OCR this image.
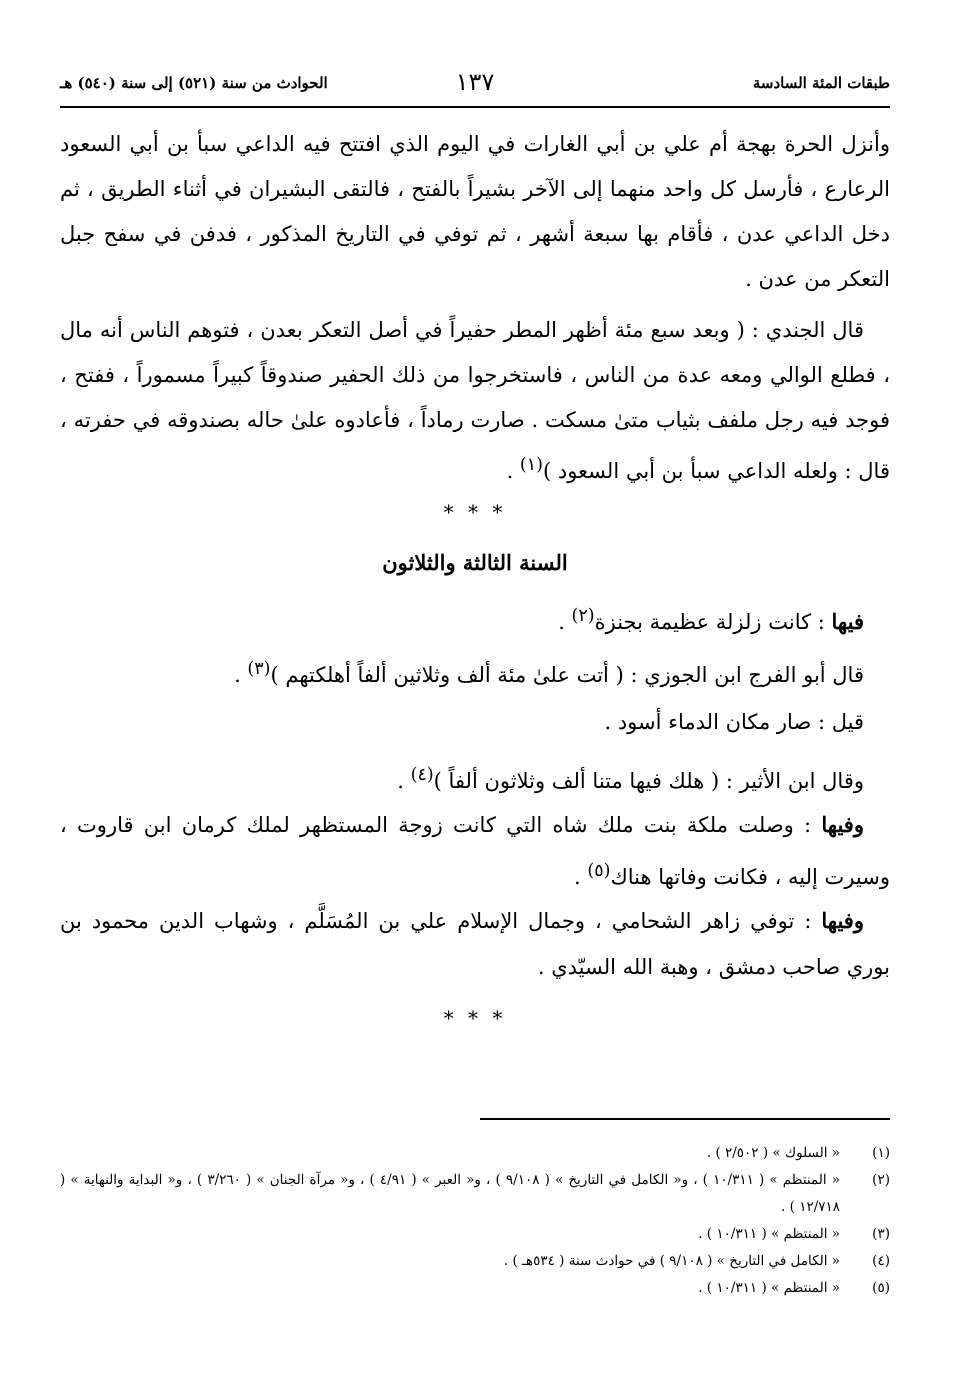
طبقات المئة السادسة
١٣٧
الحوادث من سنة (٥٢١) إلى سنة (٥٤٠) هـ

وأنزل الحرة بهجة أم علي بن أبي الغارات في اليوم الذي افتتح فيه الداعي سبأ بن أبي السعود الرعارع ، فأرسل كل واحد منهما إلى الآخر بشيراً بالفتح ، فالتقى البشيران في أثناء الطريق ، ثم دخل الداعي عدن ، فأقام بها سبعة أشهر ، ثم توفي في التاريخ المذكور ، فدفن في سفح جبل التعكر من عدن .

قال الجندي : ( وبعد سبع مئة أظهر المطر حفيراً في أصل التعكر بعدن ، فتوهم الناس أنه مال ، فطلع الوالي ومعه عدة من الناس ، فاستخرجوا من ذلك الحفير صندوقاً كبيراً مسموراً ، ففتح ، فوجد فيه رجل ملفف بثياب متىٰ مسكت . صارت رماداً ، فأعادوه علىٰ حاله بصندوقه في حفرته ، قال : ولعله الداعي سبأ بن أبي السعود )$^{(١)}$ .

* * *
السنة الثالثة والثلاثون

فيها : كانت زلزلة عظيمة بجنزة$^{(٢)}$ .

قال أبو الفرج ابن الجوزي : ( أتت علىٰ مئة ألف وثلاثين ألفاً أهلكتهم )$^{(٣)}$ .

قيل : صار مكان الدماء أسود .

وقال ابن الأثير : ( هلك فيها متنا ألف وثلاثون ألفاً )$^{(٤)}$ .

وفيها : وصلت ملكة بنت ملك شاه التي كانت زوجة المستظهر لملك كرمان ابن قاروت ، وسيرت إليه ، فكانت وفاتها هناك$^{(٥)}$ .

وفيها : توفي زاهر الشحامي ، وجمال الإسلام علي بن المُسَلَّم ، وشهاب الدين محمود بن بوري صاحب دمشق ، وهبة الله السيّدي .

* * *
(١)
« السلوك » ( ٢/٥٠٢ ) .
(٢)
« المنتظم » ( ١٠/٣١١ ) ، و« الكامل في التاريخ » ( ٩/١٠٨ ) ، و« العبر » ( ٤/٩١ ) ، و« مرآة الجنان » ( ٣/٢٦٠ ) ، و« البداية والنهاية » ( ١٢/٧١٨ ) .
(٣)
« المنتظم » ( ١٠/٣١١ ) .
(٤)
« الكامل في التاريخ » ( ٩/١٠٨ ) في حوادث سنة ( ٥٣٤هـ ) .
(٥)
« المنتظم » ( ١٠/٣١١ ) .
